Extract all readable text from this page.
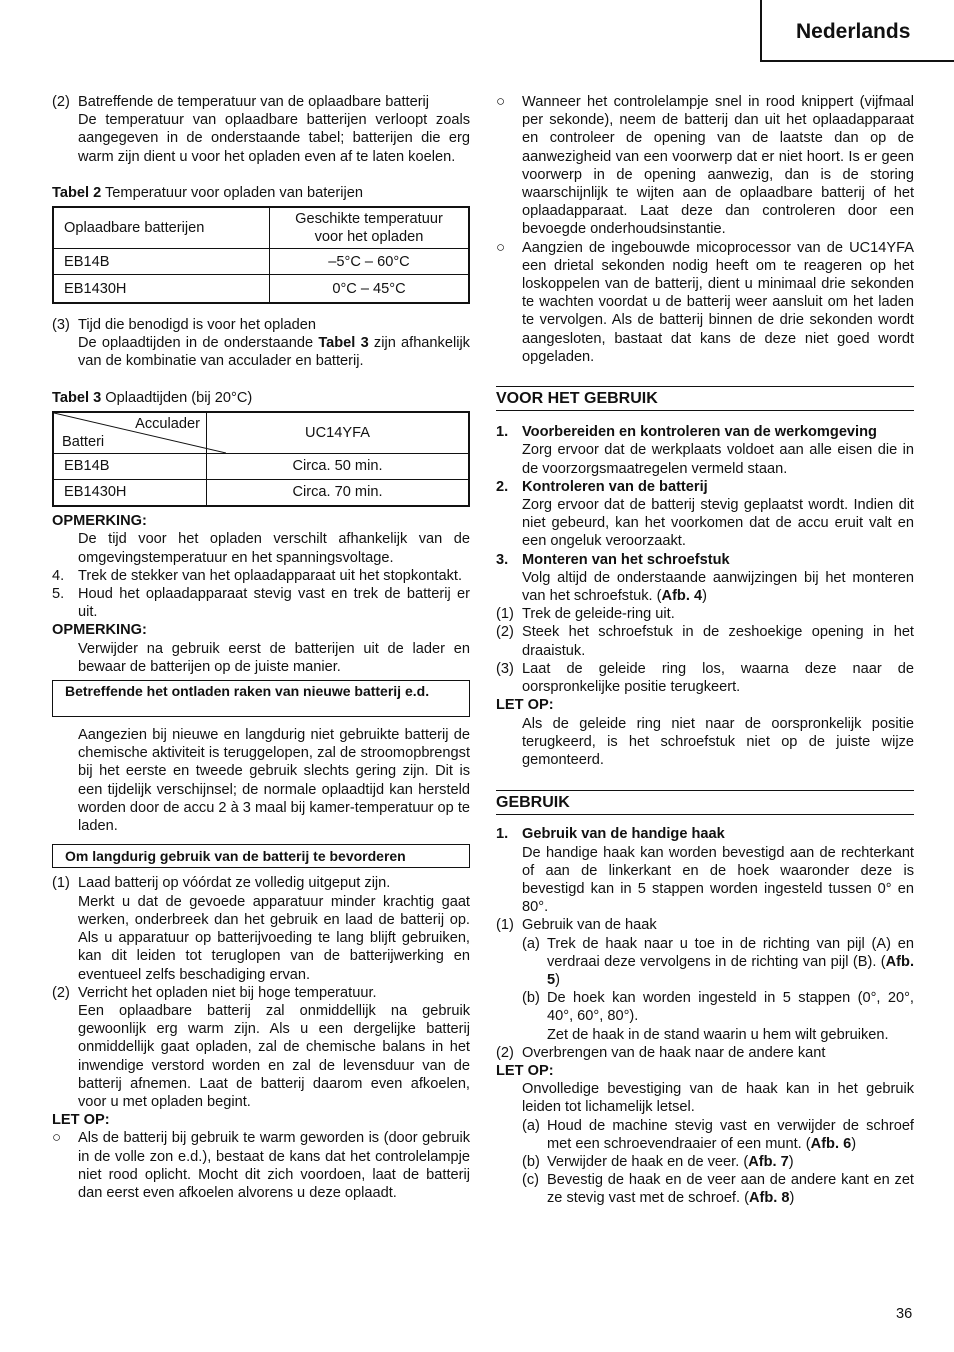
Nederlands
(2) Batreffende de temperatuur van de oplaadbare batterij

De temperatuur van oplaadbare batterijen verloopt zoals aangegeven in de onderstaande tabel; batterijen die erg warm zijn dient u voor het opladen even af te laten koelen.

Tabel 2 Temperatuur voor opladen van baterijen

Oplaadbare batterijen	Geschikte temperatuur
voor het opladen
EB14B	–5°C – 60°C
EB1430H	0°C – 45°C
(3) Tijd die benodigd is voor het opladen

De oplaadtijden in de onderstaande Tabel 3 zijn afhankelijk van de kombinatie van acculader en batterij.

Tabel 3 Oplaadtijden (bij 20°C)

Acculader
Batteri	UC14YFA
EB14B	Circa. 50 min.
EB1430H	Circa. 70 min.

OPMERKING:

De tijd voor het opladen verschilt afhankelijk van de omgevingstemperatuur en het spanningsvoltage.

4. Trek de stekker van het oplaadapparaat uit het stopkontakt.
5. Houd het oplaadapparaat stevig vast en trek de batterij er uit.

OPMERKING:

Verwijder na gebruik eerst de batterijen uit de lader en bewaar de batterijen op de juiste manier.

Betreffende het ontladen raken van nieuwe batterij e.d.

Aangezien bij nieuwe en langdurig niet gebruikte batterij de chemische aktiviteit is teruggelopen, zal de stroomopbrengst bij het eerste en tweede gebruik slechts gering zijn. Dit is een tijdelijk verschijnsel; de normale oplaadtijd kan hersteld worden door de accu 2 à 3 maal bij kamer-temperatuur op te laden.

Om langdurig gebruik van de batterij te bevorderen
(1) Laad batterij op vóórdat ze volledig uitgeput zijn.

Merkt u dat de gevoede apparatuur minder krachtig gaat werken, onderbreek dan het gebruik en laad de batterij op. Als u apparatuur op batterijvoeding te lang blijft gebruiken, kan dit leiden tot teruglopen van de batterijwerking en eventueel zelfs beschadiging ervan.

(2) Verricht het opladen niet bij hoge temperatuur.

Een oplaadbare batterij zal onmiddellijk na gebruik gewoonlijk erg warm zijn. Als u een dergelijke batterij onmiddellijk gaat opladen, zal de chemische balans in het inwendige verstord worden en zal de levensduur van de batterij afnemen. Laat de batterij daarom even afkoelen, voor u met opladen begint.

LET OP:

○	Als de batterij bij gebruik te warm geworden is (door gebruik in de volle zon e.d.), bestaat de kans dat het controlelampje niet rood oplicht. Mocht dit zich voordoen, laat de batterij dan eerst even afkoelen alvorens u deze oplaadt.
○	Wanneer het controlelampje snel in rood knippert (vijfmaal per sekonde), neem de batterij dan uit het oplaadapparaat en controleer de opening van de laatste dan op de aanwezigheid van een voorwerp dat er niet hoort. Is er geen voorwerp in de opening aanwezig, dan is de storing waarschijnlijk te wijten aan de oplaadbare batterij of het oplaadapparaat. Laat deze dan controleren door een bevoegde onderhoudsinstantie.
○	Aangzien de ingebouwde micoprocessor van de UC14YFA een drietal sekonden nodig heeft om te reageren op het loskoppelen van de batterij, dient u minimaal drie sekonden te wachten voordat u de batterij weer aansluit om het laden te vervolgen. Als de batterij binnen de drie sekonden wordt aangesloten, bastaat dat kans de deze niet goed wordt opgeladen.
VOOR HET GEBRUIK
1. Voorbereiden en kontroleren van de werkomgeving

Zorg ervoor dat de werkplaats voldoet aan alle eisen die in de voorzorgsmaatregelen vermeld staan.

2. Kontroleren van de batterij

Zorg ervoor dat de batterij stevig geplaatst wordt. Indien dit niet gebeurd, kan het voorkomen dat de accu eruit valt en een ongeluk veroorzaakt.

3. Monteren van het schroefstuk

Volg altijd de onderstaande aanwijzingen bij het monteren van het schroefstuk. (Afb. 4)

(1) Trek de geleide-ring uit.
(2) Steek het schroefstuk in de zeshoekige opening in het draaistuk.
(3) Laat de geleide ring los, waarna deze naar de oorspronkelijke positie terugkeert.

LET OP:

Als de geleide ring niet naar de oorspronkelijk positie terugkeerd, is het schroefstuk niet op de juiste wijze gemonteerd.

GEBRUIK
1. Gebruik van de handige haak

De handige haak kan worden bevestigd aan de rechterkant of aan de linkerkant en de hoek waaronder deze is bevestigd kan in 5 stappen worden ingesteld tussen 0° en 80°.

(1) Gebruik van de haak
(a) Trek de haak naar u toe in de richting van pijl (A) en verdraai deze vervolgens in de richting van pijl (B). (Afb. 5)
(b) De hoek kan worden ingesteld in 5 stappen (0°, 20°, 40°, 60°, 80°).

Zet de haak in de stand waarin u hem wilt gebruiken.

(2) Overbrengen van de haak naar de andere kant

LET OP:

Onvolledige bevestiging van de haak kan in het gebruik leiden tot lichamelijk letsel.

(a) Houd de machine stevig vast en verwijder de schroef met een schroevendraaier of een munt. (Afb. 6)
(b) Verwijder de haak en de veer. (Afb. 7)
(c) Bevestig de haak en de veer aan de andere kant en zet ze stevig vast met de schroef. (Afb. 8)
36
